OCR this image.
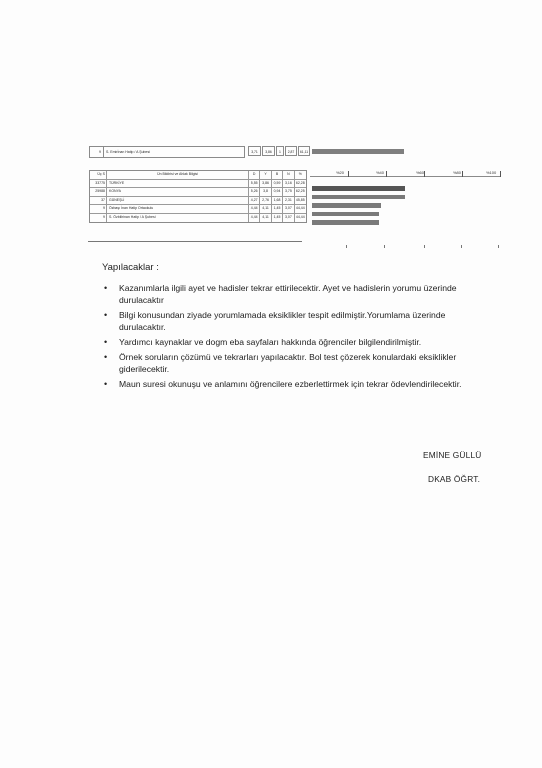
9	S. Emirİnan Hatip / A Şubesi	3,71	3,86	1	2,87	61,11
Üç S	Ün Bildirisi ve Ahlak Bilgisi	D	Y	B	N	%
33775	TÜRKİYE	5,55	3,86	0,59	3,16	62,28
25988	KONYA	5,26	3,8	0,94	3,75	62,25
37	GÜNEŞLİ	4,27	2,76	1,68	2,31	45,85
9	Özbaşı İnan Hatip Ortaokulu	4,44	4,11	1,45	3,07	44,44
9	S. Özbilirinan Hatip / A Şubesi	4,44	4,11	1,45	3,07	44,44
%20	%40	%60	%80	%100
Yapılacaklar :
• Kazanımlarla ilgili ayet ve hadisler tekrar ettirilecektir. Ayet ve hadislerin yorumu üzerinde durulacaktır
• Bilgi konusundan ziyade yorumlamada eksiklikler tespit edilmiştir.Yorumlama üzerinde durulacaktır.
• Yardımcı kaynaklar ve dogm eba sayfaları hakkında öğrenciler bilgilendirilmiştir.
• Örnek soruların çözümü ve tekrarları yapılacaktır. Bol test çözerek konulardaki eksiklikler giderilecektir.
• Maun suresi okunuşu ve anlamını öğrencilere ezberlettirmek için tekrar ödevlendirilecektir.
EMİNE GÜLLÜ
DKAB ÖĞRT.
